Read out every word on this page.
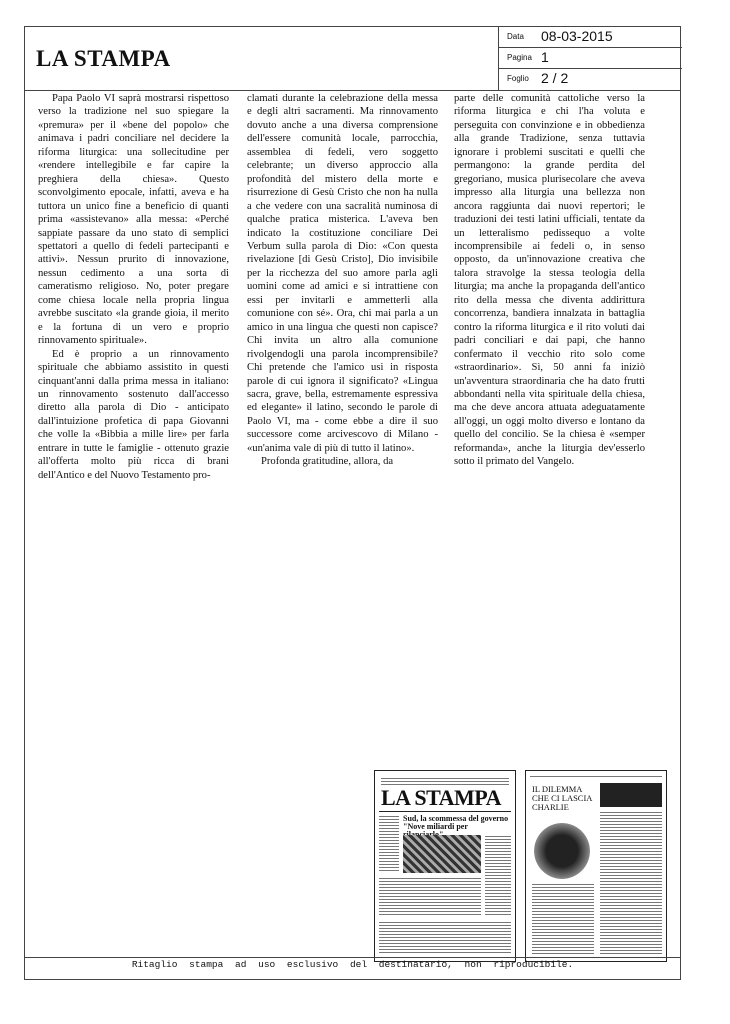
LA STAMPA
Data 08-03-2015
Pagina 1
Foglio 2 / 2

Papa Paolo VI saprà mostrarsi rispettoso verso la tradizione nel suo spiegare la «premura» per il «bene del popolo» che animava i padri conciliare nel decidere la riforma liturgica: una sollecitudine per «rendere intellegibile e far capire la preghiera della chiesa». Questo sconvolgimento epocale, infatti, aveva e ha tuttora un unico fine a beneficio di quanti prima «assistevano» alla messa: «Perché sappiate passare da uno stato di semplici spettatori a quello di fedeli partecipanti e attivi». Nessun prurito di innovazione, nessun cedimento a una sorta di cameratismo religioso. No, poter pregare come chiesa locale nella propria lingua avrebbe suscitato «la grande gioia, il merito e la fortuna di un vero e proprio rinnovamento spirituale».

Ed è proprio a un rinnovamento spirituale che abbiamo assistito in questi cinquant'anni dalla prima messa in italiano: un rinnovamento sostenuto dall'accesso diretto alla parola di Dio - anticipato dall'intuizione profetica di papa Giovanni che volle la «Bibbia a mille lire» per farla entrare in tutte le famiglie - ottenuto grazie all'offerta molto più ricca di brani dell'Antico e del Nuovo Testamento pro-

clamati durante la celebrazione della messa e degli altri sacramenti. Ma rinnovamento dovuto anche a una diversa comprensione dell'essere comunità locale, parrocchia, assemblea di fedeli, vero soggetto celebrante; un diverso approccio alla profondità del mistero della morte e risurrezione di Gesù Cristo che non ha nulla a che vedere con una sacralità numinosa di qualche pratica misterica. L'aveva ben indicato la costituzione conciliare Dei Verbum sulla parola di Dio: «Con questa rivelazione [di Gesù Cristo], Dio invisibile per la ricchezza del suo amore parla agli uomini come ad amici e si intrattiene con essi per invitarli e ammetterli alla comunione con sé». Ora, chi mai parla a un amico in una lingua che questi non capisce? Chi invita un altro alla comunione rivolgendogli una parola incomprensibile? Chi pretende che l'amico usi in risposta parole di cui ignora il significato? «Lingua sacra, grave, bella, estremamente espressiva ed elegante» il latino, secondo le parole di Paolo VI, ma - come ebbe a dire il suo successore come arcivescovo di Milano - «un'anima vale di più di tutto il latino».

Profonda gratitudine, allora, da

parte delle comunità cattoliche verso la riforma liturgica e chi l'ha voluta e perseguita con convinzione e in obbedienza alla grande Tradizione, senza tuttavia ignorare i problemi suscitati e quelli che permangono: la grande perdita del gregoriano, musica plurisecolare che aveva impresso alla liturgia una bellezza non ancora raggiunta dai nuovi repertori; le traduzioni dei testi latini ufficiali, tentate da un letteralismo pedissequo a volte incomprensibile ai fedeli o, in senso opposto, da un'innovazione creativa che talora stravolge la stessa teologia della liturgia; ma anche la propaganda dell'antico rito della messa che diventa addirittura concorrenza, bandiera innalzata in battaglia contro la riforma liturgica e il rito voluti dai padri conciliari e dai papi, che hanno confermato il vecchio rito solo come «straordinario». Sì, 50 anni fa iniziò un'avventura straordinaria che ha dato frutti abbondanti nella vita spirituale della chiesa, ma che deve ancora attuata adeguatamente all'oggi, un oggi molto diverso e lontano da quello del concilio. Se la chiesa è «semper reformanda», anche la liturgia dev'esserlo sotto il primato del Vangelo.

LA STAMPA
Sud, la scommessa del governo "Nove miliardi per
IL DILEMMA CHE CI LASCIA CHARLIE
Ritaglio stampa ad uso esclusivo del destinatario, non riproducibile.
